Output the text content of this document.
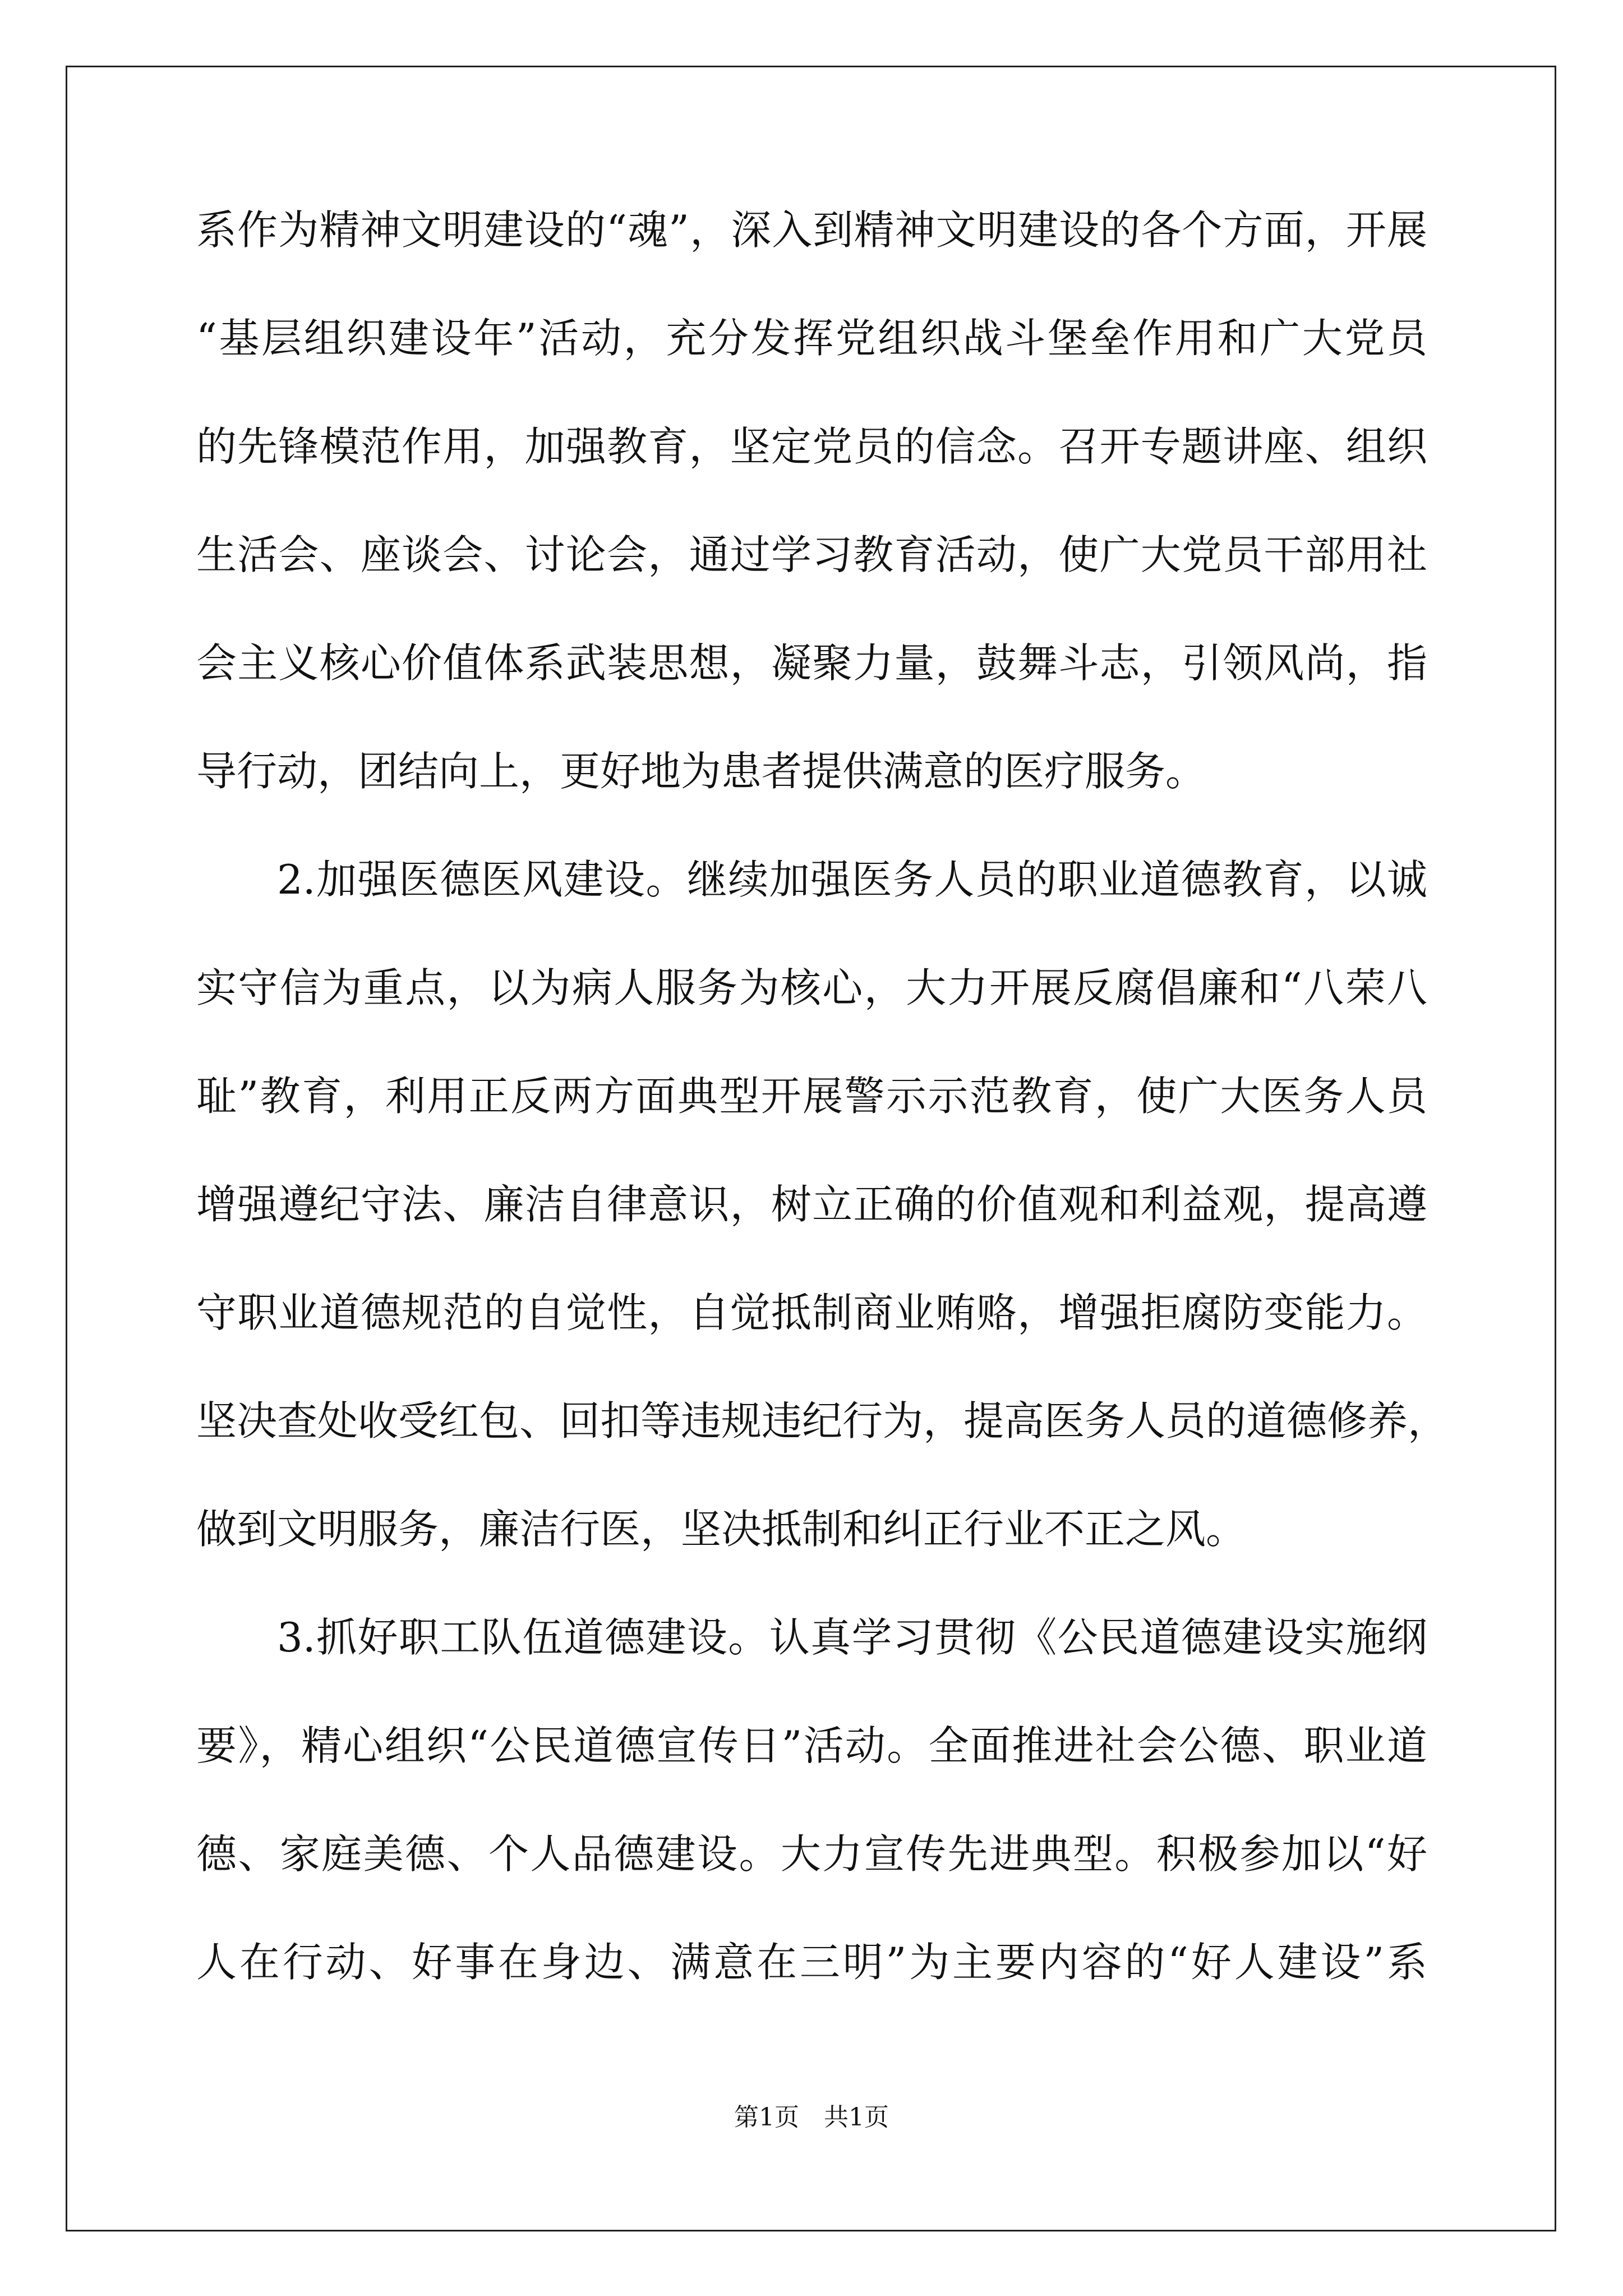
系作为精神文明建设的“魂”，深入到精神文明建设的各个方面，开展
“基层组织建设年”活动，充分发挥党组织战斗堡垒作用和广大党员
的先锋模范作用，加强教育，坚定党员的信念。召开专题讲座、组织
生活会、座谈会、讨论会，通过学习教育活动，使广大党员干部用社
会主义核心价值体系武装思想，凝聚力量，鼓舞斗志，引领风尚，指
导行动，团结向上，更好地为患者提供满意的医疗服务。
2.加强医德医风建设。继续加强医务人员的职业道德教育，以诚
实守信为重点，以为病人服务为核心，大力开展反腐倡廉和“八荣八
耻”教育，利用正反两方面典型开展警示示范教育，使广大医务人员
增强遵纪守法、廉洁自律意识，树立正确的价值观和利益观，提高遵
守职业道德规范的自觉性，自觉抵制商业贿赂，增强拒腐防变能力。
坚决查处收受红包、回扣等违规违纪行为，提高医务人员的道德修养，
做到文明服务，廉洁行医，坚决抵制和纠正行业不正之风。
3.抓好职工队伍道德建设。认真学习贯彻《公民道德建设实施纲
要》，精心组织“公民道德宣传日”活动。全面推进社会公德、职业道
德、家庭美德、个人品德建设。大力宣传先进典型。积极参加以“好
人在行动、好事在身边、满意在三明”为主要内容的“好人建设”系
第1页 共1页
